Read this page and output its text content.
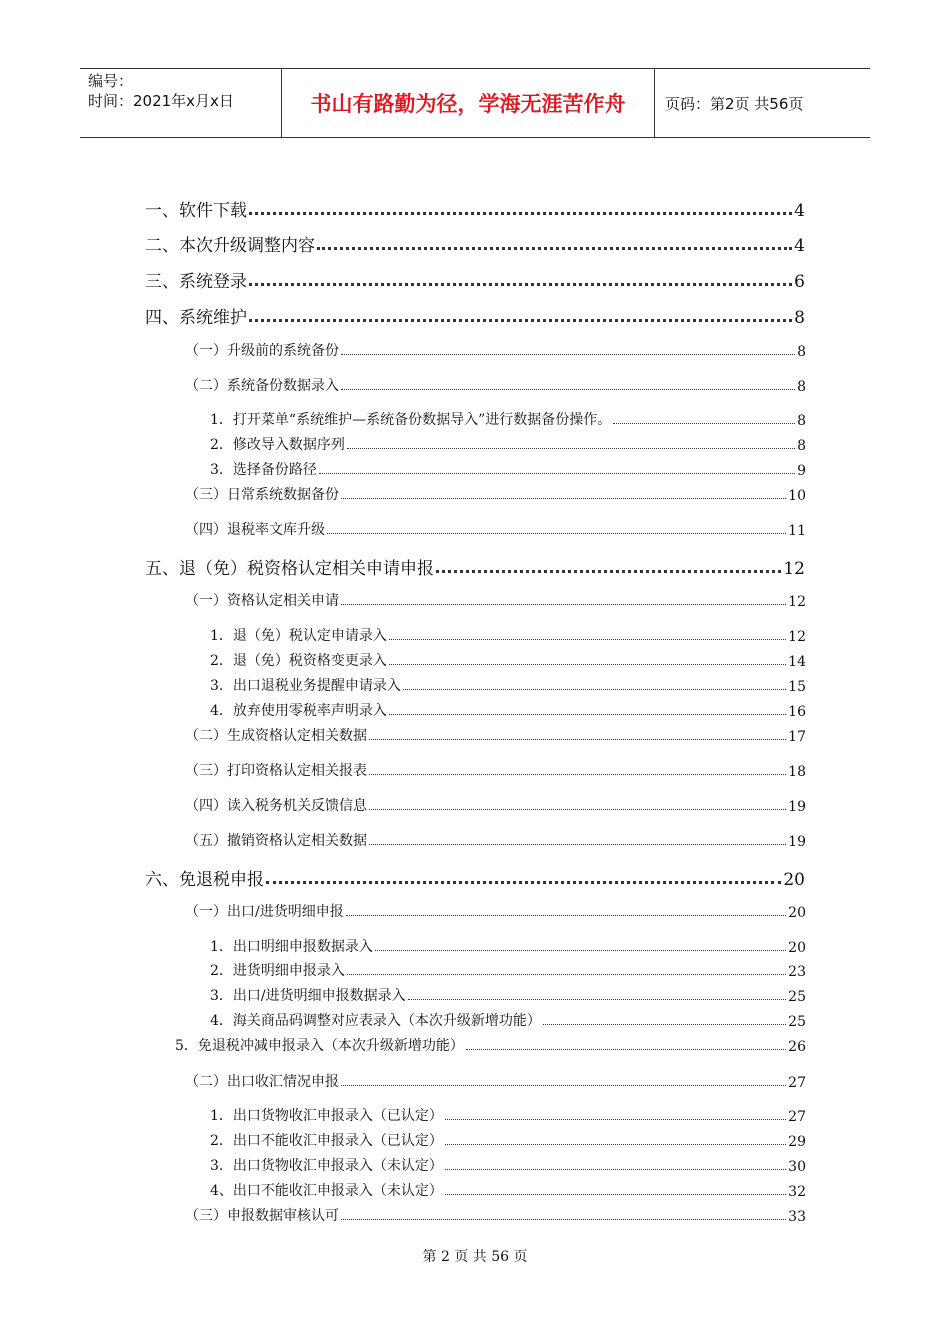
编号：
时间：2021年x月x日	书山有路勤为径，学海无涯苦作舟	页码：第2页 共56页
一、软件下载	4
二、本次升级调整内容	4
三、系统登录	6
四、系统维护	8
（一）升级前的系统备份	8
（二）系统备份数据录入	8
1．打开菜单“系统维护—系统备份数据导入”进行数据备份操作。	8
2．修改导入数据序列	8
3．选择备份路径	9
（三）日常系统数据备份	10
（四）退税率文库升级	11
五、退（免）税资格认定相关申请申报	12
（一）资格认定相关申请	12
1．退（免）税认定申请录入	12
2．退（免）税资格变更录入	14
3．出口退税业务提醒申请录入	15
4．放弃使用零税率声明录入	16
（二）生成资格认定相关数据	17
（三）打印资格认定相关报表	18
（四）读入税务机关反馈信息	19
（五）撤销资格认定相关数据	19
六、免退税申报	20
（一）出口/进货明细申报	20
1．出口明细申报数据录入	20
2．进货明细申报录入	23
3．出口/进货明细申报数据录入	25
4．海关商品码调整对应表录入（本次升级新增功能）	25
5．免退税冲减申报录入（本次升级新增功能）	26
（二）出口收汇情况申报	27
1．出口货物收汇申报录入（已认定）	27
2．出口不能收汇申报录入（已认定）	29
3．出口货物收汇申报录入（未认定）	30
4、出口不能收汇申报录入（未认定）	32
（三）申报数据审核认可	33
第 2 页 共 56 页
